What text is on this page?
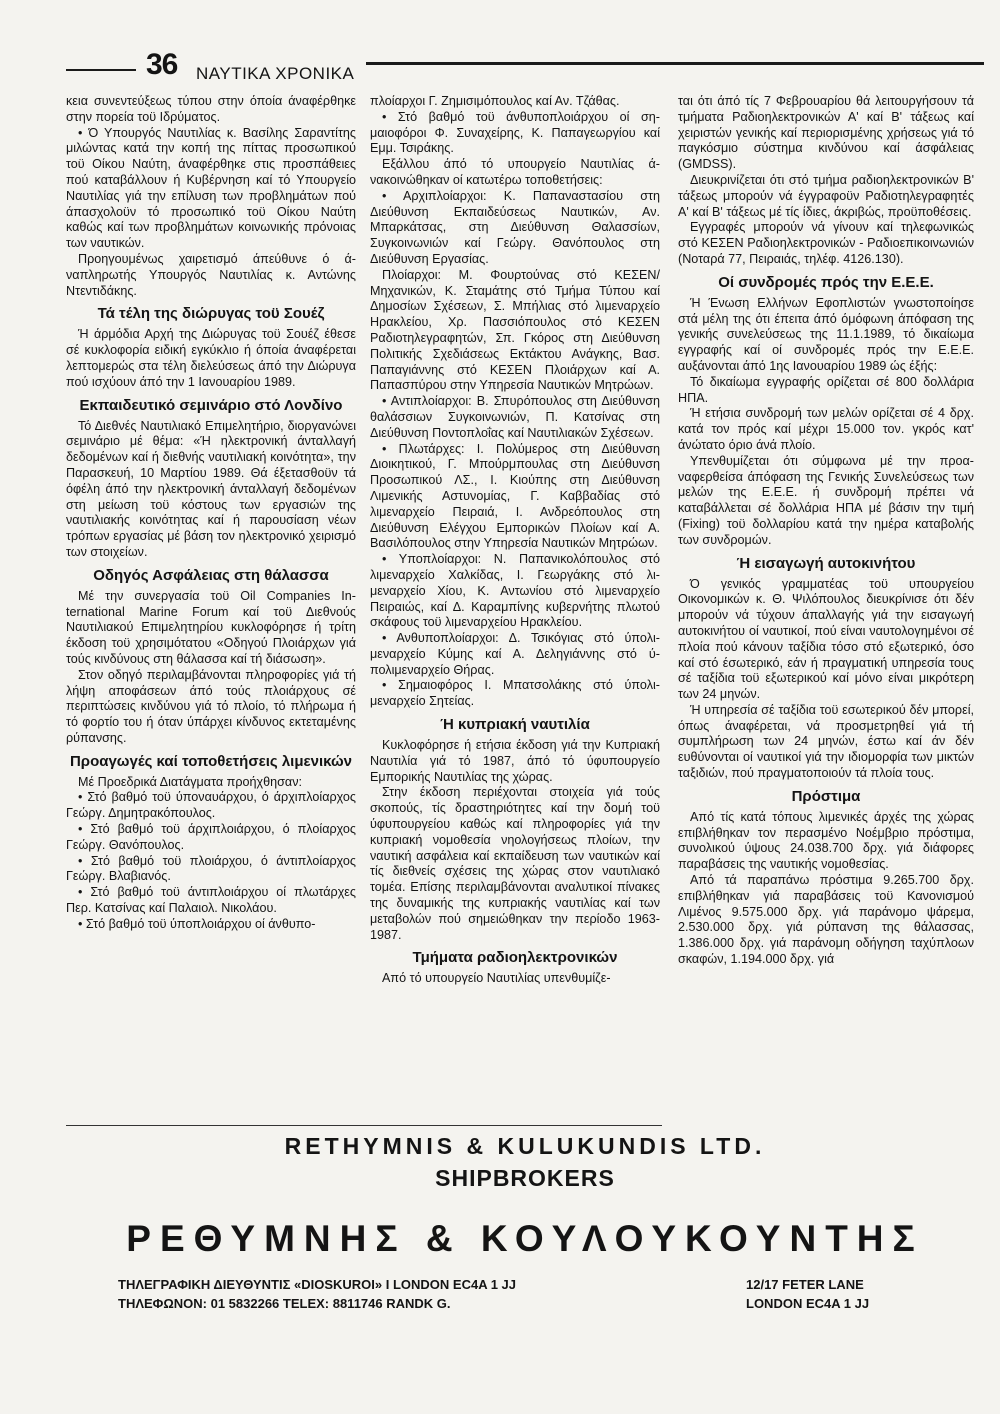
36 ΝΑΥΤΙΚΑ ΧΡΟΝΙΚΑ

κεια συνεντεύξεως τύπου στην όποία άναφέρθηκε στην πορεία τοϋ Ιδρύματος.

• Ό Υπουργός Ναυτιλίας κ. Βασίλης Σαραντίτης μιλώντας κατά την κοπή της πίττας προσωπικού τοϋ Οίκου Ναύτη, άναφέρθηκε στις προσπάθειες πού καταβάλλουν ή Κυβέρνηση καί τό Υπουργείο Ναυτιλίας γιά την επίλυση των προβλημάτων πού άπασχολοϋν τό προσωπικό τοϋ Οίκου Ναύτη καθώς καί των προβλημάτων κοινωνικής πρόνοιας των ναυτικών.

Προηγουμένως χαιρετισμό άπεύθυνε ό άναπληρωτής Υπουργός Ναυτιλίας κ. Αντώνης Ντεντιδάκης.

Τά τέλη της διώρυγας τοϋ Σουέζ

Ή άρμόδια Αρχή της Διώρυγας τοϋ Σουέζ έθεσε σέ κυκλοφορία ειδική εγκύκλιο ή όποία άναφέρεται λεπτομερώς στα τέλη διελεύσεως άπό την Διώρυγα πού ισχύουν άπό την 1 Ιανουαρίου 1989.

Εκπαιδευτικό σεμινάριο στό Λονδίνο

Τό Διεθνές Ναυτιλιακό Επιμελητήριο, διοργανώνει σεμινάριο μέ θέμα: «Ή ηλεκτρονική άνταλλαγή δεδομένων καί ή διεθνής ναυτιλιακή κοινότητα», την Παρασκευή, 10 Μαρτίου 1989. Θά έξετασθοϋν τά όφέλη άπό την ηλεκτρονική άνταλλαγή δεδομένων στη μείωση τοϋ κόστους των εργασιών της ναυτιλιακής κοινότητας καί ή παρουσίαση νέων τρόπων εργασίας μέ βάση τον ηλεκτρονικό χειρισμό των στοιχείων.

Οδηγός Ασφάλειας στη θάλασσα

Μέ την συνεργασία τοϋ Oil Companies International Marine Forum καί τοϋ Διεθνούς Ναυτιλιακού Επιμελητηρίου κυκλοφόρησε ή τρίτη έκδοση τοϋ χρησιμότατου «Οδηγού Πλοιάρχων γιά τούς κινδύνους στη θάλασσα καί τή διάσωση».

Στον οδηγό περιλαμβάνονται πληροφορίες γιά τή λήψη αποφάσεων άπό τούς πλοιάρχους σέ περιπτώσεις κινδύνου γιά τό πλοίο, τό πλήρωμα ή τό φορτίο του ή όταν ύπάρχει κίνδυνος εκτεταμένης ρύπανσης.

Προαγωγές καί τοποθετήσεις λιμενικών

Μέ Προεδρικά Διατάγματα προήχθησαν:

• Στό βαθμό τοϋ ύποναυάρχου, ό άρχιπλοίαρχος Γεώργ. Δημητρακόπουλος.

• Στό βαθμό τοϋ άρχιπλοιάρχου, ό πλοίαρχος Γεώργ. Θανόπουλος.

• Στό βαθμό τοϋ πλοιάρχου, ό άντιπλοίαρχος Γεώργ. Βλαβιανός.

• Στό βαθμό τοϋ άντιπλοιάρχου οί πλωτάρχες Περ. Κατσίνας καί Παλαιολ. Νικολάου.

• Στό βαθμό τοϋ ύποπλοιάρχου οί άνθυπο-

πλοίαρχοι Γ. Ζημισιμόπουλος καί Αν. Τζάθας.

• Στό βαθμό τοϋ άνθυποπλοιάρχου οί σημαιοφόροι Φ. Συναχείρης, Κ. Παπαγεωργίου καί Εμμ. Τσιράκης.

Εξάλλου άπό τό υπουργείο Ναυτιλίας άνακοινώθηκαν οί κατωτέρω τοποθετήσεις:

• Αρχιπλοίαρχοι: Κ. Παπαναστασίου στη Διεύθυνση Εκπαιδεύσεως Ναυτικών, Αν. Μπαρκάτσας, στη Διεύθυνση Θαλασσίων, Συγκοινωνιών καί Γεώργ. Θανόπουλος στη Διεύθυνση Εργασίας.

Πλοίαρχοι: Μ. Φουρτούνας στό ΚΕΣΕΝ/ Μηχανικών, Κ. Σταμάτης στό Τμήμα Τύπου καί Δημοσίων Σχέσεων, Σ. Μπήλιας στό λιμεναρχείο Ηρακλείου, Χρ. Πασσιόπουλος στό ΚΕΣΕΝ Ραδιοτηλεγραφητών, Σπ. Γκόρος στη Διεύθυνση Πολιτικής Σχεδιάσεως Εκτάκτου Ανάγκης, Βασ. Παπαγιάννης στό ΚΕΣΕΝ Πλοιάρχων καί Α. Παπασπύρου στην Υπηρεσία Ναυτικών Μητρώων.

• Αντιπλοίαρχοι: Β. Σπυρόπουλος στη Διεύθυνση θαλάσσιων Συγκοινωνιών, Π. Κατσίνας στη Διεύθυνση Ποντοπλοΐας καί Ναυτιλιακών Σχέσεων.

• Πλωτάρχες: Ι. Πολύμερος στη Διεύθυνση Διοικητικού, Γ. Μπούρμπουλας στη Διεύθυνση Προσωπικού ΛΣ., Ι. Κιούπης στη Διεύθυνση Λιμενικής Αστυνομίας, Γ. Καββαδίας στό λιμεναρχείο Πειραιά, Ι. Ανδρεόπουλος στη Διεύθυνση Ελέγχου Εμπορικών Πλοίων καί Α. Βασιλόπουλος στην Υπηρεσία Ναυτικών Μητρώων.

• Υποπλοίαρχοι: Ν. Παπανικολόπουλος στό λιμεναρχείο Χαλκίδας, Ι. Γεωργάκης στό λιμεναρχείο Χίου, Κ. Αντωνίου στό λιμεναρχείο Πειραιώς, καί Δ. Καραμπίνης κυβερνήτης πλωτού σκάφους τοϋ λιμεναρχείου Ηρακλείου.

• Ανθυποπλοίαρχοι: Δ. Τσικόγιας στό ύπολιμεναρχείο Κύμης καί Α. Δεληγιάννης στό ύπολιμεναρχείο Θήρας.

• Σημαιοφόρος Ι. Μπατσολάκης στό ύπολιμεναρχείο Σητείας.

Ή κυπριακή ναυτιλία

Κυκλοφόρησε ή ετήσια έκδοση γιά την Κυπριακή Ναυτιλία γιά τό 1987, άπό τό ύφυπουργείο Εμπορικής Ναυτιλίας της χώρας.

Στην έκδοση περιέχονται στοιχεία γιά τούς σκοπούς, τίς δραστηριότητες καί την δομή τοϋ ύφυπουργείου καθώς καί πληροφορίες γιά την κυπριακή νομοθεσία νηολογήσεως πλοίων, την ναυτική ασφάλεια καί εκπαίδευση των ναυτικών καί τίς διεθνείς σχέσεις της χώρας στον ναυτιλιακό τομέα. Επίσης περιλαμβάνονται αναλυτικοί πίνακες της δυναμικής της κυπριακής ναυτιλίας καί των μεταβολών πού σημειώθηκαν την περίοδο 1963-1987.

Τμήματα ραδιοηλεκτρονικών

Από τό υπουργείο Ναυτιλίας υπενθυμίζε-

ται ότι άπό τίς 7 Φεβρουαρίου θά λειτουργήσουν τά τμήματα Ραδιοηλεκτρονικών Α' καί Β' τάξεως καί χειριστών γενικής καί περιορισμένης χρήσεως γιά τό παγκόσμιο σύστημα κινδύνου καί άσφάλειας (GMDSS).

Διευκρινίζεται ότι στό τμήμα ραδιοηλεκτρονικών Β' τάξεως μπορούν νά έγγραφοϋν Ραδιοτηλεγραφητές Α' καί Β' τάξεως μέ τίς ίδιες, άκριβώς, προϋποθέσεις.

Εγγραφές μπορούν νά γίνουν καί τηλεφωνικώς στό ΚΕΣΕΝ Ραδιοηλεκτρονικών - Ραδιοεπικοινωνιών (Νοταρά 77, Πειραιάς, τηλέφ. 4126.130).

Οί συνδρομές πρός την Ε.Ε.Ε.

Ή Ένωση Ελλήνων Εφοπλιστών γνωστοποίησε στά μέλη της ότι έπειτα άπό όμόφωνη άπόφαση της γενικής συνελεύσεως της 11.1.1989, τό δικαίωμα εγγραφής καί οί συνδρομές πρός την Ε.Ε.Ε. αυξάνονται άπό 1ης Ιανουαρίου 1989 ώς έξής:

Τό δικαίωμα εγγραφής ορίζεται σέ 800 δολλάρια ΗΠΑ.

Ή ετήσια συνδρομή των μελών ορίζεται σέ 4 δρχ. κατά τον πρός καί μέχρι 15.000 τον. γκρός κατ' άνώτατο όριο άνά πλοίο.

Υπενθυμίζεται ότι σύμφωνα μέ την προαναφερθείσα άπόφαση της Γενικής Συνελεύσεως των μελών της Ε.Ε.Ε. ή συνδρομή πρέπει νά καταβάλλεται σέ δολλάρια ΗΠΑ μέ βάσιν την τιμή (Fixing) τοϋ δολλαρίου κατά την ημέρα καταβολής των συνδρομών.

Ή εισαγωγή αυτοκινήτου

Ό γενικός γραμματέας τοϋ υπουργείου Οικονομικών κ. Θ. Ψιλόπουλος διευκρίνισε ότι δέν μπορούν νά τύχουν άπαλλαγής γιά την εισαγωγή αυτοκινήτου οί ναυτικοί, πού είναι ναυτολογημένοι σέ πλοία πού κάνουν ταξίδια τόσο στό εξωτερικό, όσο καί στό έσωτερικό, εάν ή πραγματική υπηρεσία τους σέ ταξίδια τοϋ εξωτερικού καί μόνο είναι μικρότερη των 24 μηνών.

Ή υπηρεσία σέ ταξίδια τοϋ εσωτερικού δέν μπορεί, όπως άναφέρεται, νά προσμετρηθεί γιά τή συμπλήρωση των 24 μηνών, έστω καί άν δέν ευθύνονται οί ναυτικοί γιά την ιδιομορφία των μικτών ταξιδιών, πού πραγματοποιούν τά πλοία τους.

Πρόστιμα

Από τίς κατά τόπους λιμενικές άρχές της χώρας επιβλήθηκαν τον περασμένο Νοέμβριο πρόστιμα, συνολικού ύψους 24.038.700 δρχ. γιά διάφορες παραβάσεις της ναυτικής νομοθεσίας.

Από τά παραπάνω πρόστιμα 9.265.700 δρχ. επιβλήθηκαν γιά παραβάσεις τοϋ Κανονισμού Λιμένος 9.575.000 δρχ. γιά παράνομο ψάρεμα, 2.530.000 δρχ. γιά ρύπανση της θάλασσας, 1.386.000 δρχ. γιά παράνομη οδήγηση ταχύπλοων σκαφών, 1.194.000 δρχ. γιά

RETHYMNIS & KULUKUNDIS LTD.
SHIPBROKERS
ΡΕΘΥΜΝΗΣ & ΚΟΥΛΟΥΚΟΥΝΤΗΣ
ΤΗΛΕΓΡΑΦΙΚΗ ΔΙΕΥΘΥΝΤΙΣ «DIOSKUROI» I LONDON EC4A 1 JJ
ΤΗΛΕΦΩΝΟΝ: 01 5832266 TELEX: 8811746 RANDK G.
12/17 FETER LANE
LONDON EC4A 1 JJ
